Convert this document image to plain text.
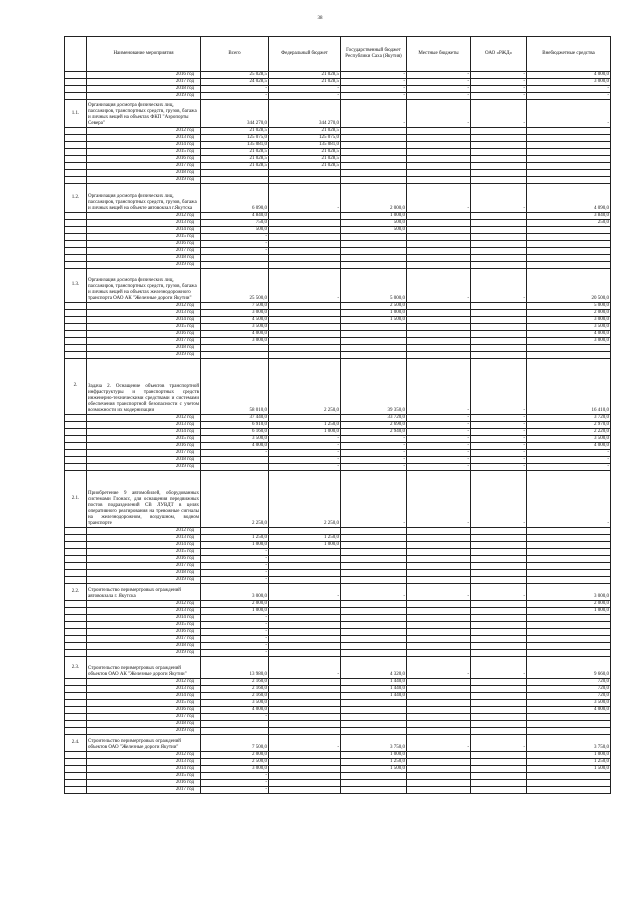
38
	Наименование мероприятия	Всего	Федеральный бюджет	Государственный бюджет Республики Саха (Якутия)	Местные бюджеты	ОАО «РЖД»	Внебюджетные средства
	2016 год	25 028,5	21 028,5	-	-	-	4 000,0
	2017 год	24 028,5	21 028,5	-	-	-	3 000,0
	2018 год	-	-	-	-	-	-
	2019 год	-	-	-	-	-	-
1.1.	Организация досмотра физических лиц, пассажиров, транспортных средств, грузов, багажа и личных вещей на объектах ФКП "Аэропорты Севера"	344 270,0	344 270,0	-	-	-	-
	2012 год	21 028,5	21 028,5				
	2013 год	125 075,0	125 075,0				
	2014 год	135 081,0	135 081,0				
	2015 год	21 028,5	21 028,5				
	2016 год	21 028,5	21 028,5				
	2017 год	21 028,5	21 028,5				
	2018 год						
	2019 год						
1.2.	Организация досмотра физических лиц, пассажиров, транспортных средств, грузов, багажа и личных вещей на объекте автовокзал г.Якутска	6 090,0	-	2 000,0	-	-	4 090,0
	2012 год	4 840,0		1 000,0			3 840,0
	2013 год	750,0		500,0			250,0
	2014 год	500,0		500,0			
	2015 год	-					
	2016 год	-					
	2017 год	-					
	2018 год						
	2019 год						
1.3.	Организация досмотра физических лиц, пассажиров, транспортных средств, грузов, багажа и личных вещей на объектах железнодорожного транспорта ОАО АК "Железные дороги Якутии"	25 500,0	-	5 000,0	-	-	20 500,0
	2012 год	7 500,0		2 500,0			5 000,0
	2013 год	3 000,0		1 000,0			2 000,0
	2014 год	4 500,0		1 500,0			3 000,0
	2015 год	3 500,0					3 500,0
	2016 год	4 000,0					4 000,0
	2017 год	3 000,0					3 000,0
	2018 год						
	2019 год						
2.	Задача 2. Оснащение объектов транспортной инфраструктуры и транспортных средств инженерно-техническими средствами и системами обеспечения транспортной безопасности с учетом возможности их модернизации	58 010,0	2 250,0	39 350,0	-	-	16 410,0
	2012 год	37 440,0		33 720,0	-	-	3 720,0
	2013 год	6 910,0	1 250,0	2 690,0	-	-	2 970,0
	2014 год	6 160,0	1 000,0	2 940,0	-	-	2 220,0
	2015 год	3 500,0	-	-	-	-	3 500,0
	2016 год	4 000,0	-	-	-	-	4 000,0
	2017 год	-	-	-	-	-	-
	2018 год		-	-	-	-	-
	2019 год		-	-	-	-	-
2.1.	Приобретение 9 автомобилей, оборудованных системами Глонасс, для оснащения передвижных постов подразделений СВ ЛУВДТ в целях оперативного реагирования на тревожные сигналы на железнодорожном, воздушном, водном транспорте	2 250,0	2 250,0	-	-	-	-
	2012 год						
	2013 год	1 250,0	1 250,0				
	2014 год	1 000,0	1 000,0				
	2015 год	-					
	2016 год	-					
	2017 год	-					
	2018 год	-					
	2019 год	-					
2.2.	Строительство перимертровых ограждений автовокзала г. Якутска	3 000,0	-	-	-	-	3 000,0
	2012 год	2 000,0					2 000,0
	2013 год	1 000,0					1 000,0
	2014 год	-					
	2015 год	-					
	2016 год	-					
	2017 год	-					
	2018 год	-					
	2019 год	-					
2.3.	Строительство перимертровых ограждений объектов ОАО АК "Железные дороги Якутии"	13 980,0	-	4 320,0	-	-	9 660,0
	2012 год	2 160,0		1 440,0			720,0
	2013 год	2 160,0		1 440,0			720,0
	2014 год	2 160,0		1 440,0			720,0
	2015 год	3 500,0					3 500,0
	2016 год	4 000,0					4 000,0
	2017 год	-					
	2018 год						
	2019 год						
2.4.	Строительство перимертровых ограждений объектов ОАО "Железные дороги Якутии"	7 500,0	-	3 750,0	-	-	3 750,0
	2012 год	2 000,0		1 000,0			1 000,0
	2013 год	2 500,0		1 250,0			1 250,0
	2014 год	3 000,0		1 500,0			1 500,0
	2015 год	-					
	2016 год	-					
	2017 год	-					
